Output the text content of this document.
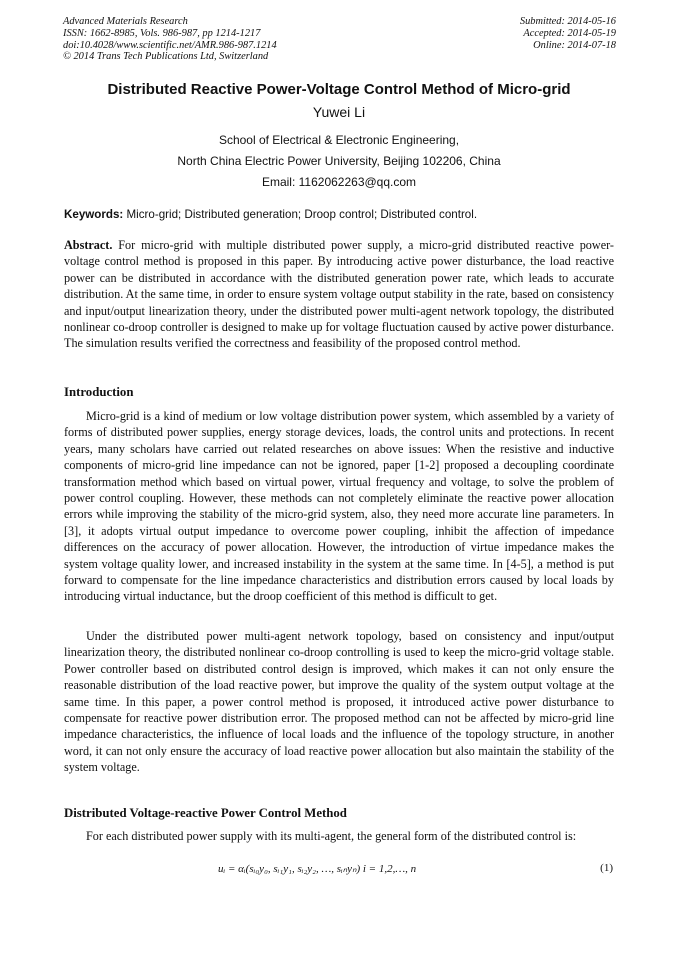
Advanced Materials Research
ISSN: 1662-8985, Vols. 986-987, pp 1214-1217
doi:10.4028/www.scientific.net/AMR.986-987.1214
© 2014 Trans Tech Publications Ltd, Switzerland
Submitted: 2014-05-16
Accepted: 2014-05-19
Online: 2014-07-18
Distributed Reactive Power-Voltage Control Method of Micro-grid
Yuwei Li
School of Electrical & Electronic Engineering,
North China Electric Power University, Beijing 102206, China
Email: 1162062263@qq.com
Keywords: Micro-grid; Distributed generation; Droop control; Distributed control.
Abstract. For micro-grid with multiple distributed power supply, a micro-grid distributed reactive power-voltage control method is proposed in this paper. By introducing active power disturbance, the load reactive power can be distributed in accordance with the distributed generation power rate, which leads to accurate distribution. At the same time, in order to ensure system voltage output stability in the rate, based on consistency and input/output linearization theory, under the distributed power multi-agent network topology, the distributed nonlinear co-droop controller is designed to make up for voltage fluctuation caused by active power disturbance. The simulation results verified the correctness and feasibility of the proposed control method.
Introduction
Micro-grid is a kind of medium or low voltage distribution power system, which assembled by a variety of forms of distributed power supplies, energy storage devices, loads, the control units and protections. In recent years, many scholars have carried out related researches on above issues: When the resistive and inductive components of micro-grid line impedance can not be ignored, paper [1-2] proposed a decoupling coordinate transformation method which based on virtual power, virtual frequency and voltage, to solve the problem of power control coupling. However, these methods can not completely eliminate the reactive power allocation errors while improving the stability of the micro-grid system, also, they need more accurate line parameters. In [3], it adopts virtual output impedance to overcome power coupling, inhibit the affection of impedance differences on the accuracy of power allocation. However, the introduction of virtue impedance makes the system voltage quality lower, and increased instability in the system at the same time. In [4-5], a method is put forward to compensate for the line impedance characteristics and distribution errors caused by local loads by introducing virtual inductance, but the droop coefficient of this method is difficult to get.
Under the distributed power multi-agent network topology, based on consistency and input/output linearization theory, the distributed nonlinear co-droop controlling is used to keep the micro-grid voltage stable. Power controller based on distributed control design is improved, which makes it can not only ensure the reasonable distribution of the load reactive power, but improve the quality of the system output voltage at the same time. In this paper, a power control method is proposed, it introduced active power disturbance to compensate for reactive power distribution error. The proposed method can not be affected by micro-grid line impedance characteristics, the influence of local loads and the influence of the topology structure, in another word, it can not only ensure the accuracy of load reactive power allocation but also maintain the stability of the system voltage.
Distributed Voltage-reactive Power Control Method
For each distributed power supply with its multi-agent, the general form of the distributed control is:
uᵢ = αᵢ(sᵢ₀y₀, sᵢ₁y₁, sᵢ₂y₂, …, sᵢₙyₙ) i = 1,2,…, n	(1)
